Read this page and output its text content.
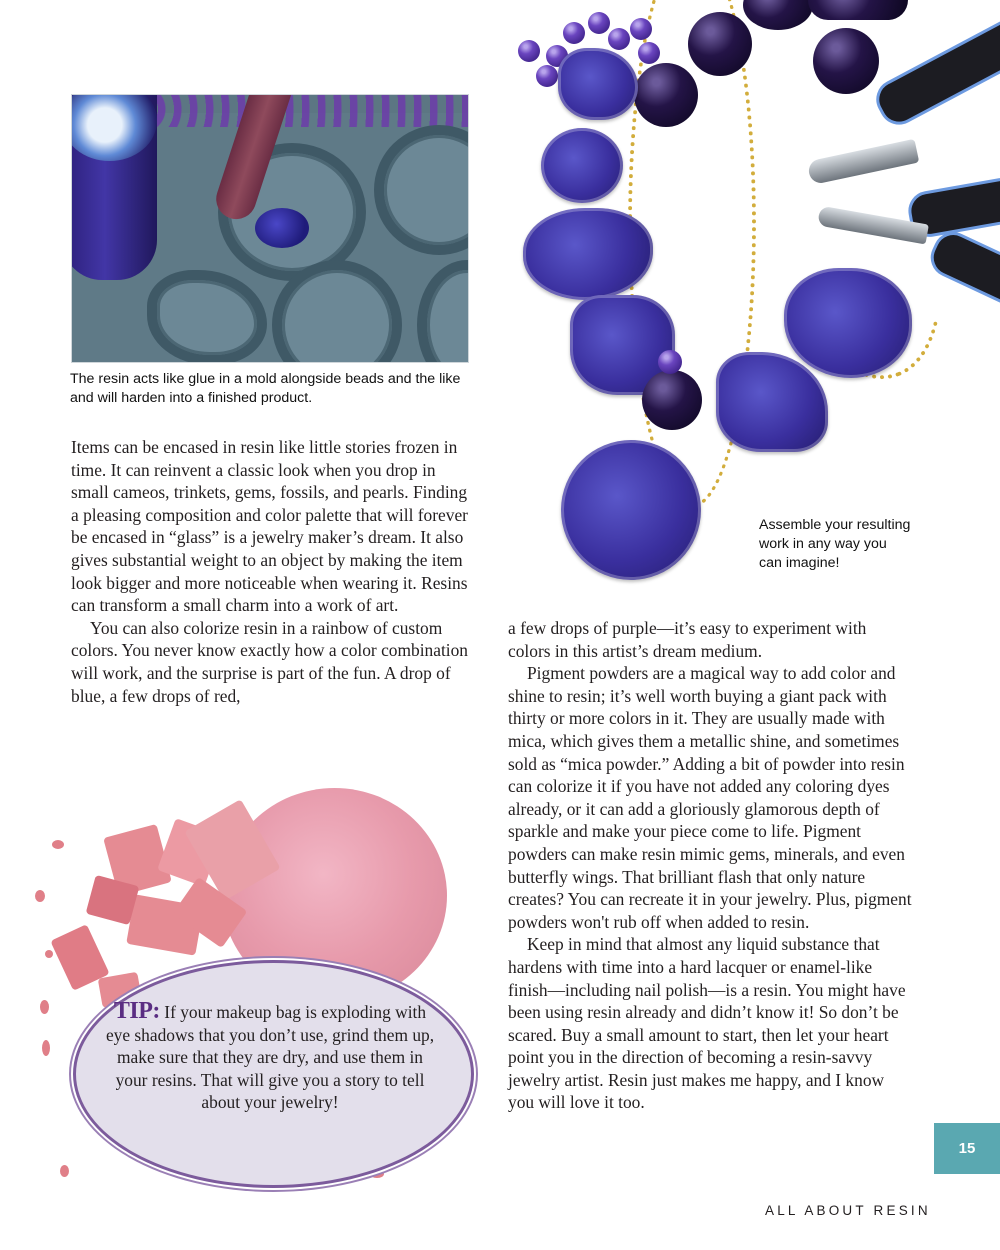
The resin acts like glue in a mold alongside beads and the like and will harden into a finished product.
Assemble your resulting
work in any way you
can imagine!

Items can be encased in resin like little stories frozen in time. It can reinvent a classic look when you drop in small cameos, trinkets, gems, fossils, and pearls. Finding a pleasing composition and color palette that will forever be encased in “glass” is a jewelry maker’s dream. It also gives substantial weight to an object by making the item look bigger and more noticeable when wearing it. Resins can transform a small charm into a work of art.

You can also colorize resin in a rainbow of custom colors. You never know exactly how a color combination will work, and the surprise is part of the fun. A drop of blue, a few drops of red,

a few drops of purple—it’s easy to experiment with colors in this artist’s dream medium.

Pigment powders are a magical way to add color and shine to resin; it’s well worth buying a giant pack with thirty or more colors in it. They are usually made with mica, which gives them a metallic shine, and sometimes sold as “mica powder.” Adding a bit of powder into resin can colorize it if you have not added any coloring dyes already, or it can add a gloriously glamorous depth of sparkle and make your piece come to life. Pigment powders can make resin mimic gems, minerals, and even butterfly wings. That brilliant flash that only nature creates? You can recreate it in your jewelry. Plus, pigment powders won't rub off when added to resin.

Keep in mind that almost any liquid substance that hardens with time into a hard lacquer or enamel-like finish—including nail polish—is a resin. You might have been using resin already and didn’t know it! So don’t be scared. Buy a small amount to start, then let your heart point you in the direction of becoming a resin-savvy jewelry artist. Resin just makes me happy, and I know you will love it too.

TIP: If your makeup bag is exploding with eye shadows that you don’t use, grind them up, make sure that they are dry, and use them in your resins. That will give you a story to tell about your jewelry!
15
ALL ABOUT RESIN
